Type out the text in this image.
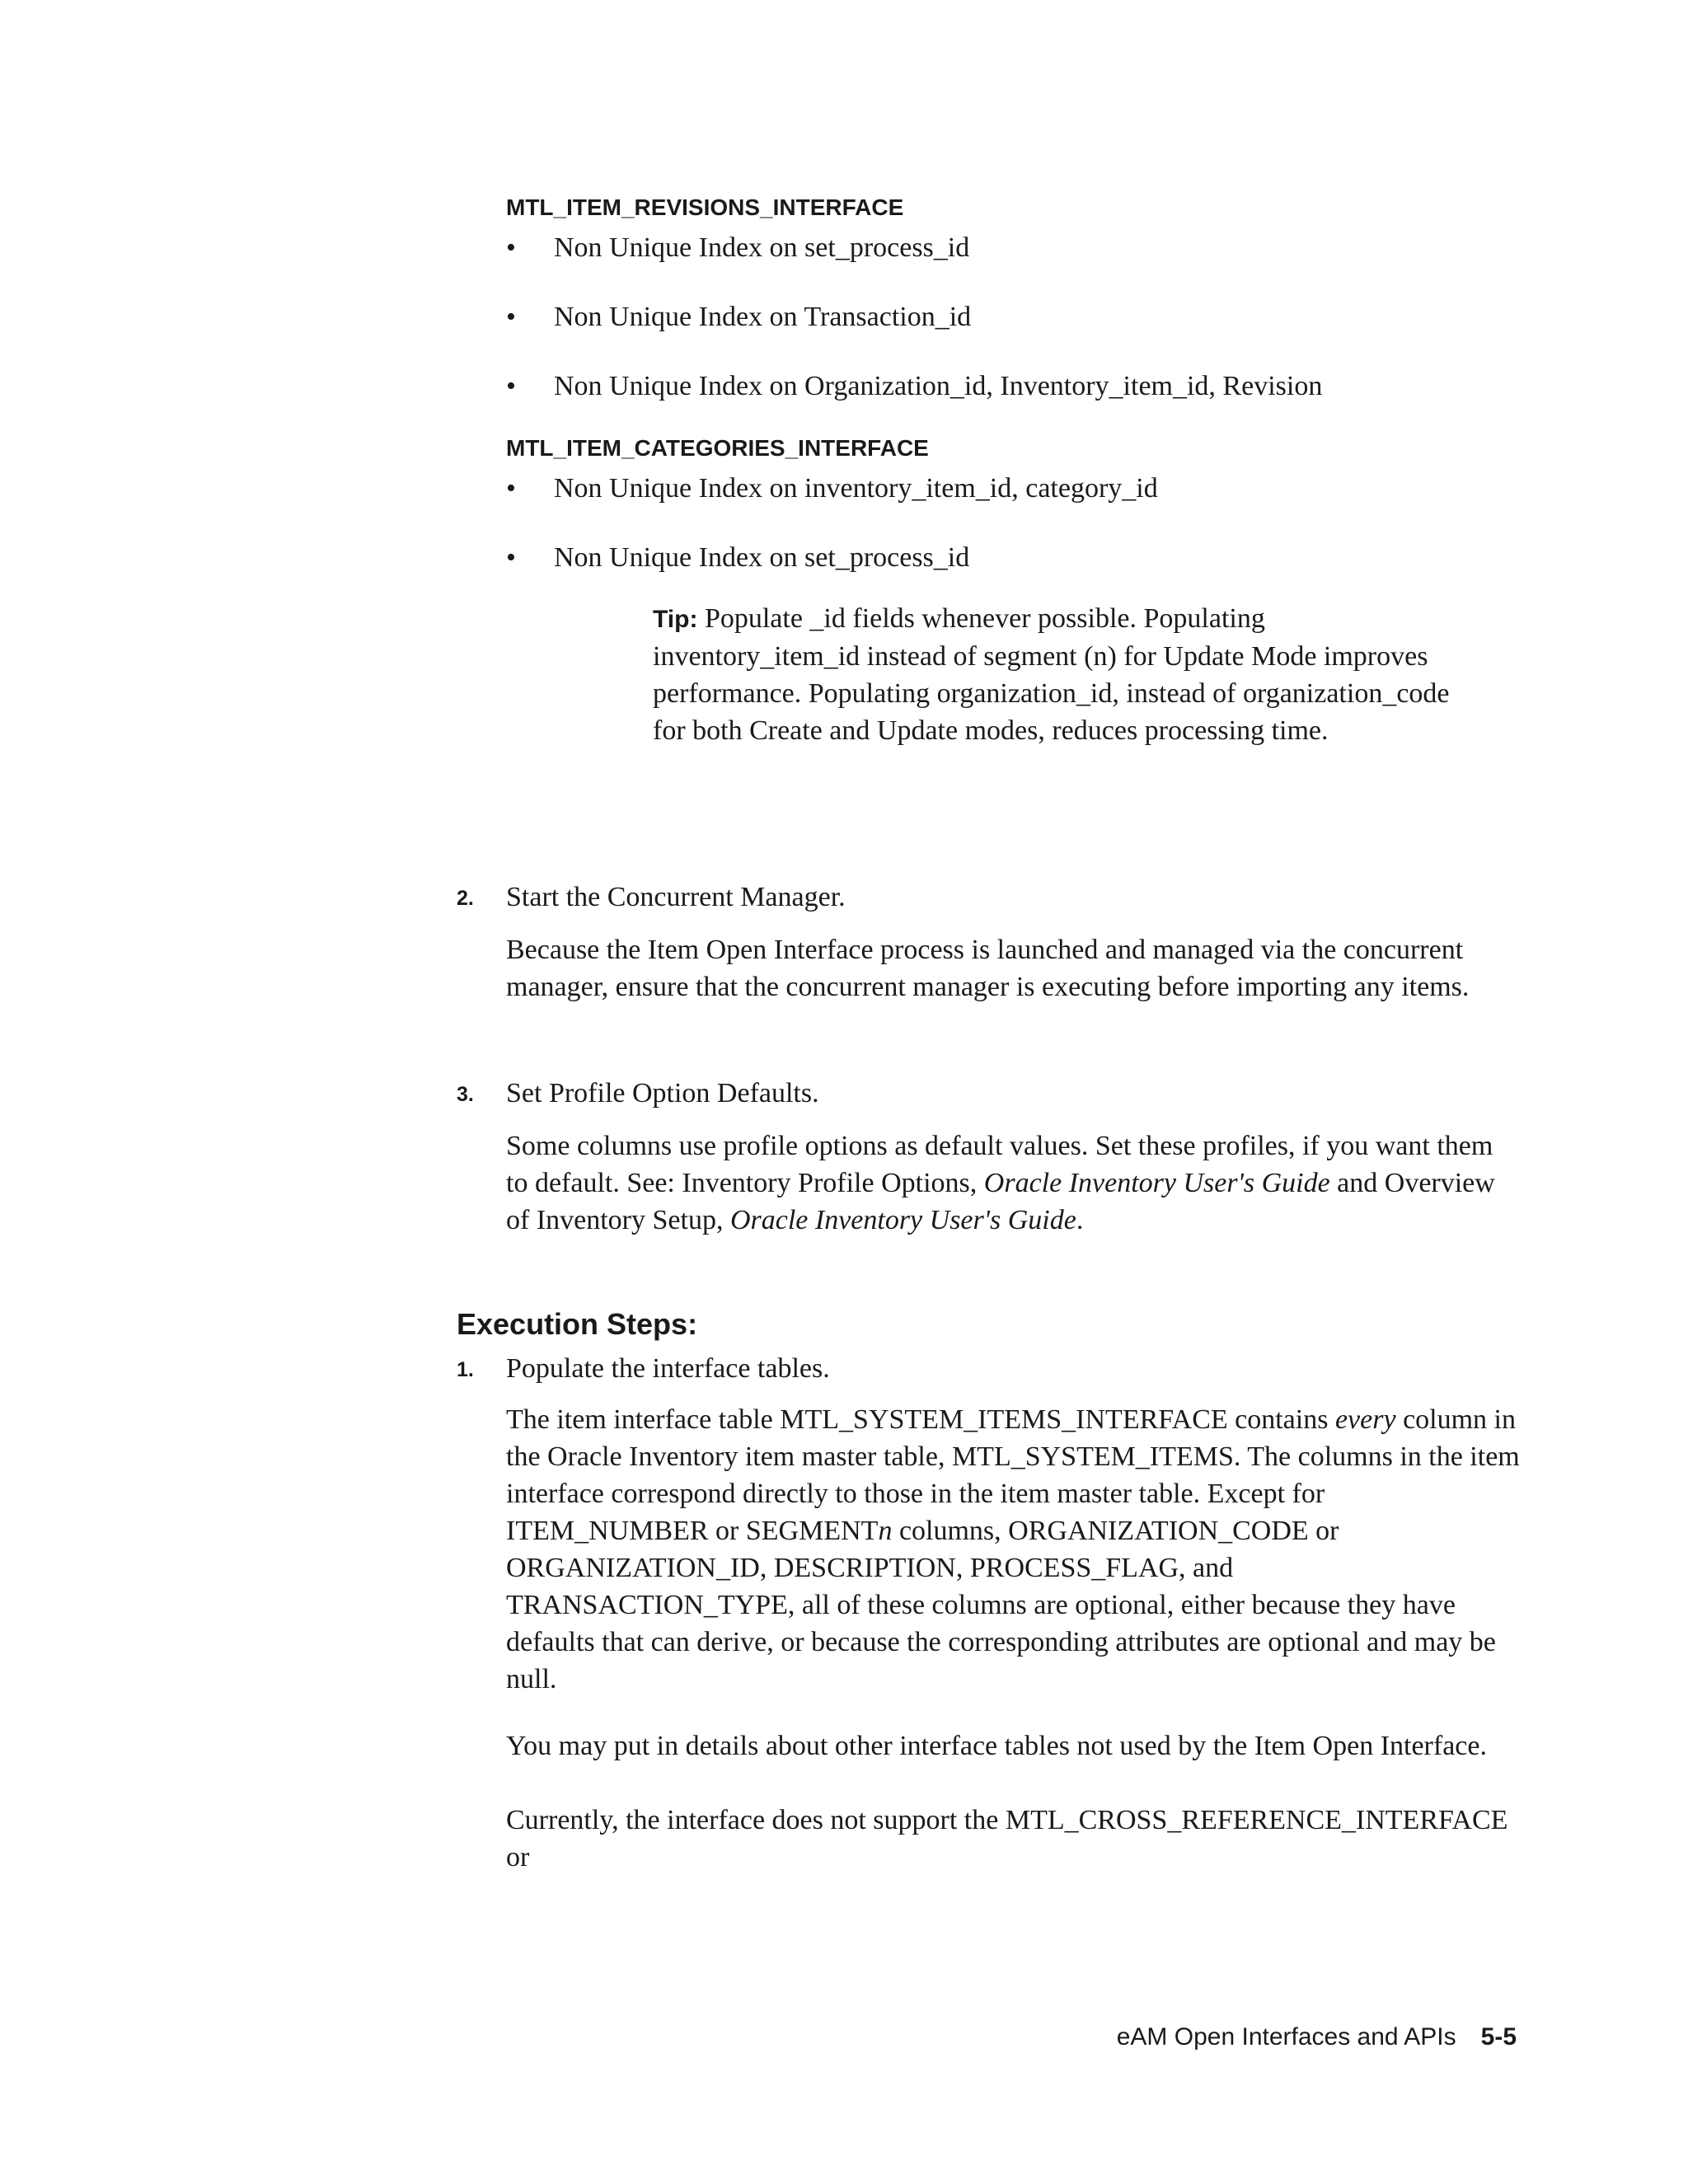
MTL_ITEM_REVISIONS_INTERFACE
• Non Unique Index on set_process_id
• Non Unique Index on Transaction_id
• Non Unique Index on Organization_id, Inventory_item_id, Revision
MTL_ITEM_CATEGORIES_INTERFACE
• Non Unique Index on inventory_item_id, category_id
• Non Unique Index on set_process_id

Tip: Populate _id fields whenever possible. Populating inventory_item_id instead of segment (n) for Update Mode improves performance. Populating organization_id, instead of organization_code for both Create and Update modes, reduces processing time.

2. Start the Concurrent Manager.

Because the Item Open Interface process is launched and managed via the concurrent manager, ensure that the concurrent manager is executing before importing any items.

3. Set Profile Option Defaults.

Some columns use profile options as default values. Set these profiles, if you want them to default. See: Inventory Profile Options, Oracle Inventory User's Guide and Overview of Inventory Setup, Oracle Inventory User's Guide.

Execution Steps:
1. Populate the interface tables.

The item interface table MTL_SYSTEM_ITEMS_INTERFACE contains every column in the Oracle Inventory item master table, MTL_SYSTEM_ITEMS. The columns in the item interface correspond directly to those in the item master table. Except for ITEM_NUMBER or SEGMENTn columns, ORGANIZATION_CODE or ORGANIZATION_ID, DESCRIPTION, PROCESS_FLAG, and TRANSACTION_TYPE, all of these columns are optional, either because they have defaults that can derive, or because the corresponding attributes are optional and may be null.

You may put in details about other interface tables not used by the Item Open Interface.

Currently, the interface does not support the MTL_CROSS_REFERENCE_INTERFACE or

eAM Open Interfaces and APIs 5-5
